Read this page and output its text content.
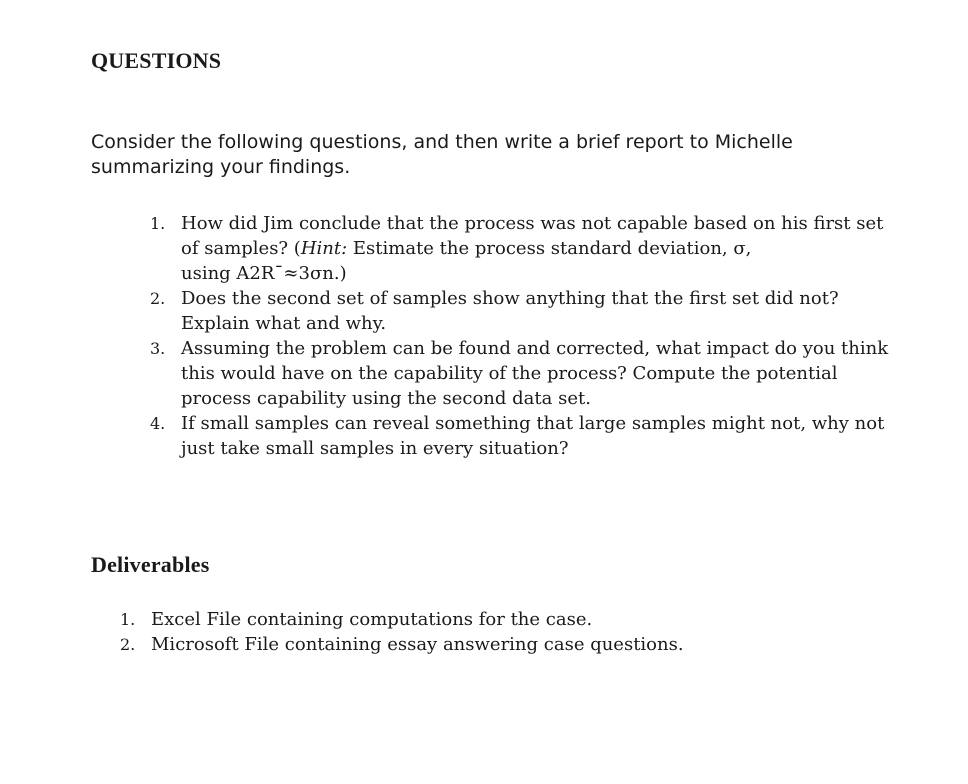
QUESTIONS

Consider the following questions, and then write a brief report to Michelle
summarizing your findings.

1. How did Jim conclude that the process was not capable based on his first set
of samples? (Hint: Estimate the process standard deviation, σ,
using A2R¯≈3σn.)
2. Does the second set of samples show anything that the first set did not?
Explain what and why.
3. Assuming the problem can be found and corrected, what impact do you think
this would have on the capability of the process? Compute the potential
process capability using the second data set.
4. If small samples can reveal something that large samples might not, why not
just take small samples in every situation?
Deliverables
1. Excel File containing computations for the case.
2. Microsoft File containing essay answering case questions.
